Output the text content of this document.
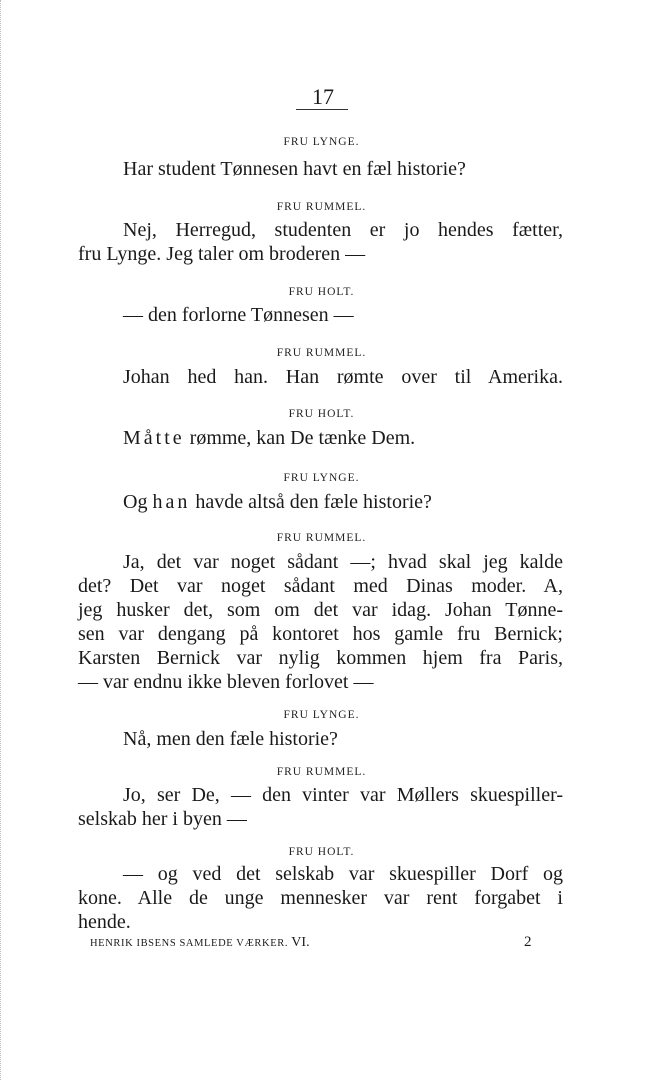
17
FRU LYNGE.
Har student Tønnesen havt en fæl historie?
FRU RUMMEL.
Nej, Herregud, studenten er jo hendes fætter,
fru Lynge. Jeg taler om broderen —
FRU HOLT.
— den forlorne Tønnesen —
FRU RUMMEL.
Johan hed han. Han rømte over til Amerika.
FRU HOLT.
Måtte rømme, kan De tænke Dem.
FRU LYNGE.
Og han havde altså den fæle historie?
FRU RUMMEL.
Ja, det var noget sådant —; hvad skal jeg kalde
det? Det var noget sådant med Dinas moder. A,
jeg husker det, som om det var idag. Johan Tønne-
sen var dengang på kontoret hos gamle fru Bernick;
Karsten Bernick var nylig kommen hjem fra Paris,
— var endnu ikke bleven forlovet —
FRU LYNGE.
Nå, men den fæle historie?
FRU RUMMEL.
Jo, ser De, — den vinter var Møllers skuespiller-
selskab her i byen —
FRU HOLT.
— og ved det selskab var skuespiller Dorf og
kone. Alle de unge mennesker var rent forgabet i
hende.
HENRIK IBSENS SAMLEDE VÆRKER. VI.	2
